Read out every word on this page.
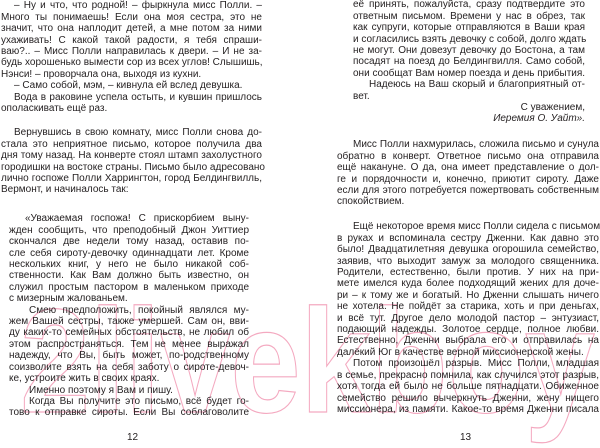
2livekboy
12
– Ну и что, что родной! – фыркнула мисс Полли. –
Много ты понимаешь! Если она моя сестра, это не
значит, что она наплодит детей, а мне потом за ними
ухаживать! С какой такой радости, я тебя спраши-
ваю?.. – Мисс Полли направилась к двери. – И не за-
будь хорошенько вымести сор из всех углов! Слышишь,
Нэнси! – проворчала она, выходя из кухни.
– Само собой, мэм, – кивнула ей вслед девушка.
Вода в раковине успела остыть, и кувшин пришлось
ополаскивать ещё раз.
Вернувшись в свою комнату, мисс Полли снова до-
стала это неприятное письмо, которое получила два
дня тому назад. На конверте стоял штамп захолустного
городишки на востоке страны. Письмо было адресовано
лично госпоже Полли Харрингтон, город Белдингвилль,
Вермонт, и начиналось так:
«Уважаемая госпожа! С прискорбием выну-
жден сообщить, что преподобный Джон Уиттиер
скончался две недели тому назад, оставив по-
сле себя сироту-девочку одиннадцати лет. Кроме
нескольких книг, у него не было никакой соб-
ственности. Как Вам должно быть известно, он
служил простым пастором в маленьком приходе
с мизерным жалованьем.
Смею предположить, покойный являлся му-
жем Вашей сестры, также умершей. Сам он, вви-
ду каких-то семейных обстоятельств, не любил об
этом распространяться. Тем не менее выражал
надежду, что Вы, быть может, по-родственному
соизволите взять на себя заботу о сироте-девоч-
ке, устроите жить в своих краях.
Именно поэтому я Вам и пишу.
Когда Вы получите это письмо, всё будет го-
тово к отправке сироты. Если Вы соблаговолите
13
её принять, пожалуйста, сразу подтвердите это
ответным письмом. Времени у нас в обрез, так
как супруги, которые отправляются в Ваши края
и согласились взять девочку с собой, долго ждать
не могут. Они довезут девочку до Бостона, а там
посадят на поезд до Белдингвилля. Само собой,
они сообщат Вам номер поезда и день прибытия.
Надеюсь на Ваш скорый и благоприятный от-
вет.
С уважением,
Иеремия О. Уайт».
Мисс Полли нахмурилась, сложила письмо и сунула
обратно в конверт. Ответное письмо она отправила
ещё накануне. О да, она имеет представление о дол-
ге и порядочности и, конечно, приютит сироту. Даже
если для этого потребуется пожертвовать собственным
спокойствием.
Ещё некоторое время мисс Полли сидела с письмом
в руках и вспоминала сестру Дженни. Как давно это
было! Двадцатилетняя девушка огорошила семейство,
заявив, что выходит замуж за молодого священника.
Родители, естественно, были против. У них на при-
мете имелся куда более подходящий жених для доче-
ри – к тому же и богатый. Но Дженни слышать ничего
не хотела. Не пойдёт за старика, хоть и при деньгах,
и всё тут. Другое дело молодой пастор – энтузиаст,
подающий надежды. Золотое сердце, полное любви.
Естественно, Дженни выбрала его и отправилась на
далёкий Юг в качестве верной миссионерской жены.
Потом произошёл разрыв. Мисс Полли, младшая
в семье, прекрасно помнила, как случился этот разрыв,
хотя тогда ей было не больше пятнадцати. Обиженное
семейство решило вычеркнуть Дженни, жену нищего
миссионера, из памяти. Какое-то время Дженни писала
